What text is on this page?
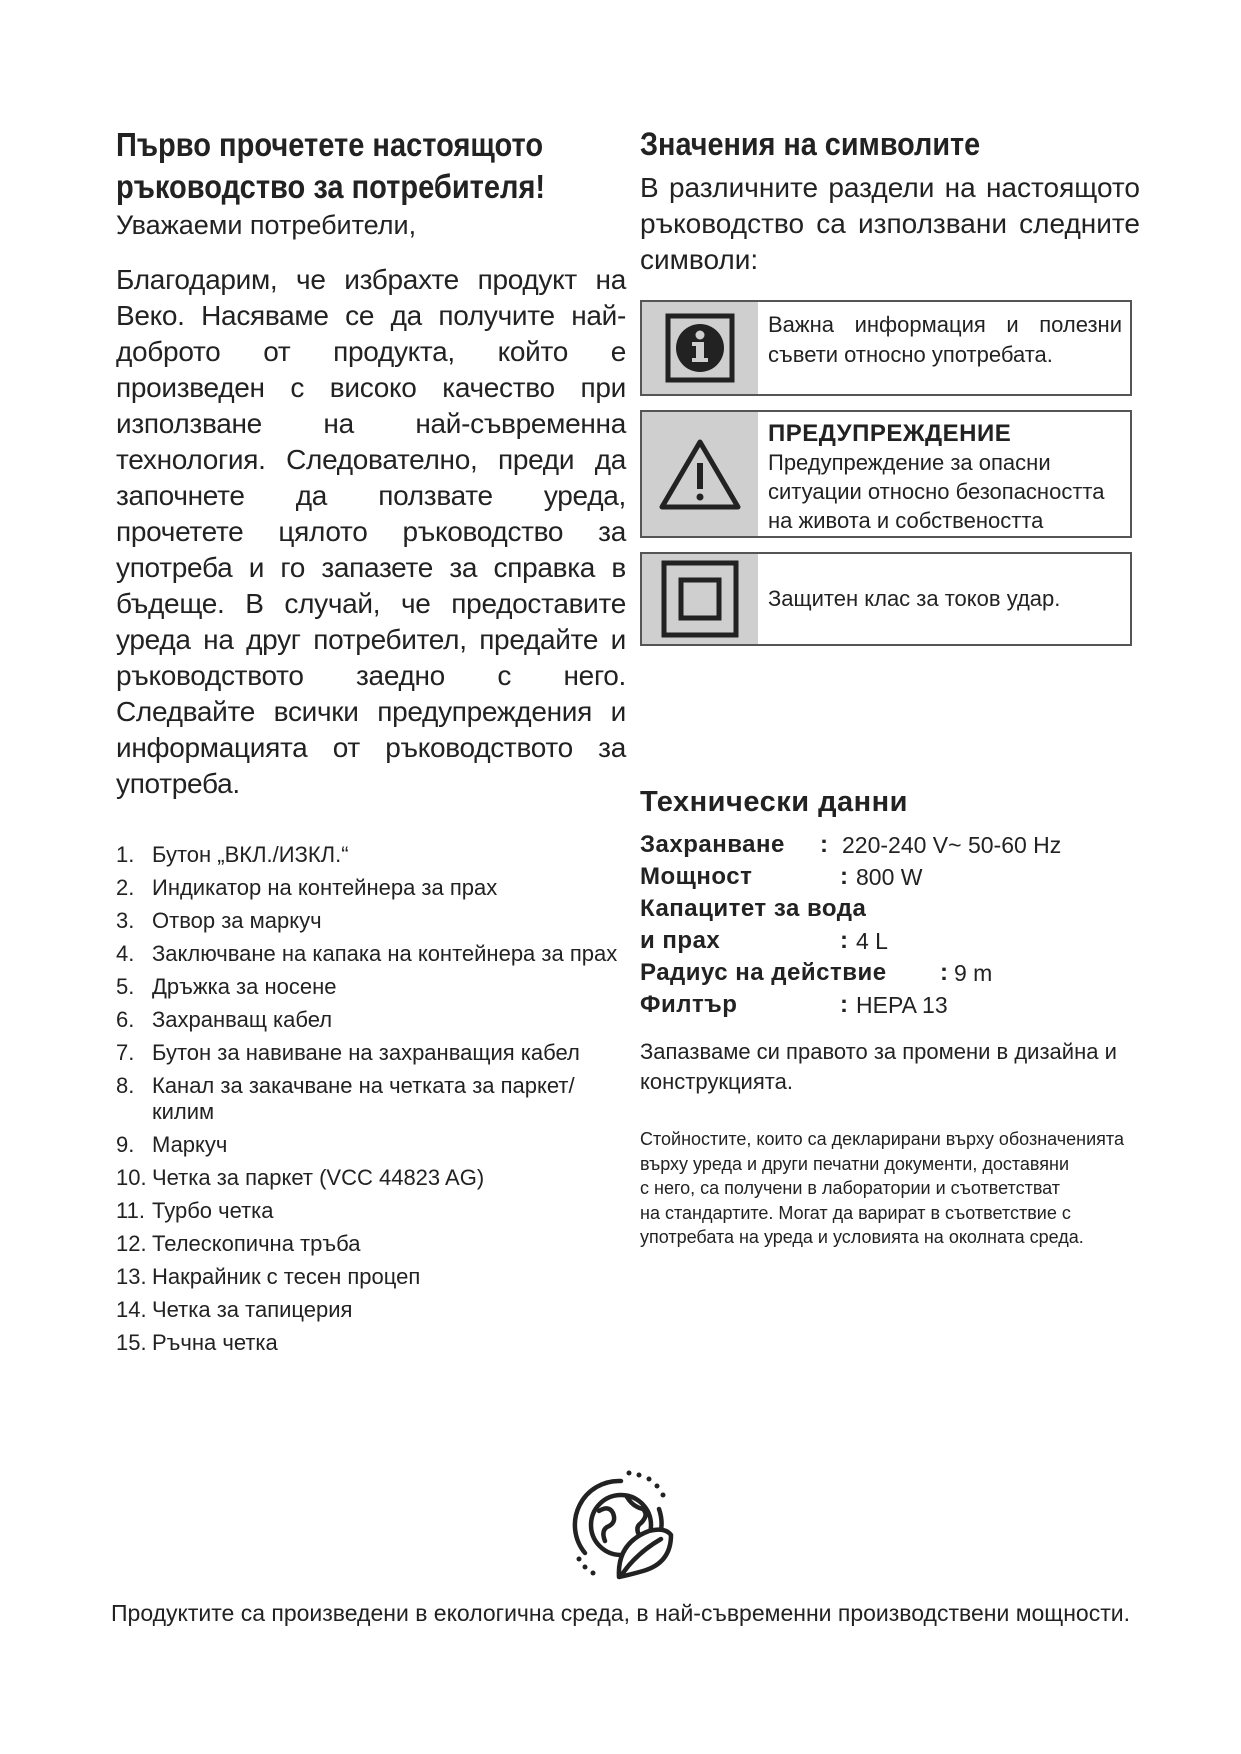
Първо прочетете настоящото
ръководство за потребителя!

Уважаеми потребители,

Благодарим, че избрахте продукт на Веко. Насяваме се да получите най-доброто от продукта, който е произведен с високо качество при използване на най-съвременна технология. Следователно, преди да започнете да ползвате уреда, прочетете цялото ръководство за употреба и го запазете за справка в бъдеще. В случай, че предоставите уреда на друг потребител, предайте и ръководството заедно с него. Следвайте всички предупреждения и информацията от ръководството за употреба.

1. Бутон „ВКЛ./ИЗКЛ.“
2. Индикатор на контейнера за прах
3. Отвор за маркуч
4. Заключване на капака на контейнера за прах
5. Дръжка за носене
6. Захранващ кабел
7. Бутон за навиване на захранващия кабел
8. Канал за закачване на четката за паркет/ килим
9. Маркуч
10. Четка за паркет (VCC 44823 AG)
11. Турбо четка
12. Телескопична тръба
13. Накрайник с тесен процеп
14. Четка за тапицерия
15. Ръчна четка
Значения на символите

В различните раздели на настоящото ръководство са използвани следните символи:

Важна информация и полезни съвети относно употребата.
ПРЕДУПРЕЖДЕНИЕ
Предупреждение за опасни ситуации относно безопасността на живота и собствеността
Защитен клас за токов удар.
Технически данни
Захранване	: 220-240 V~ 50-60 Hz
Мощност	: 800 W
Капацитет за вода
и прах	: 4 L
Радиус на действие	: 9 m
Филтър	: HEPA 13

Запазваме си правото за промени в дизайна и конструкцията.

Стойностите, които са декларирани върху обозначенията
върху уреда и други печатни документи, доставяни
с него, са получени в лаборатории и съответстват
на стандартите. Могат да варират в съответствие с
употребата на уреда и условията на околната среда.
Продуктите са произведени в екологична среда, в най-съвременни производствени мощности.
